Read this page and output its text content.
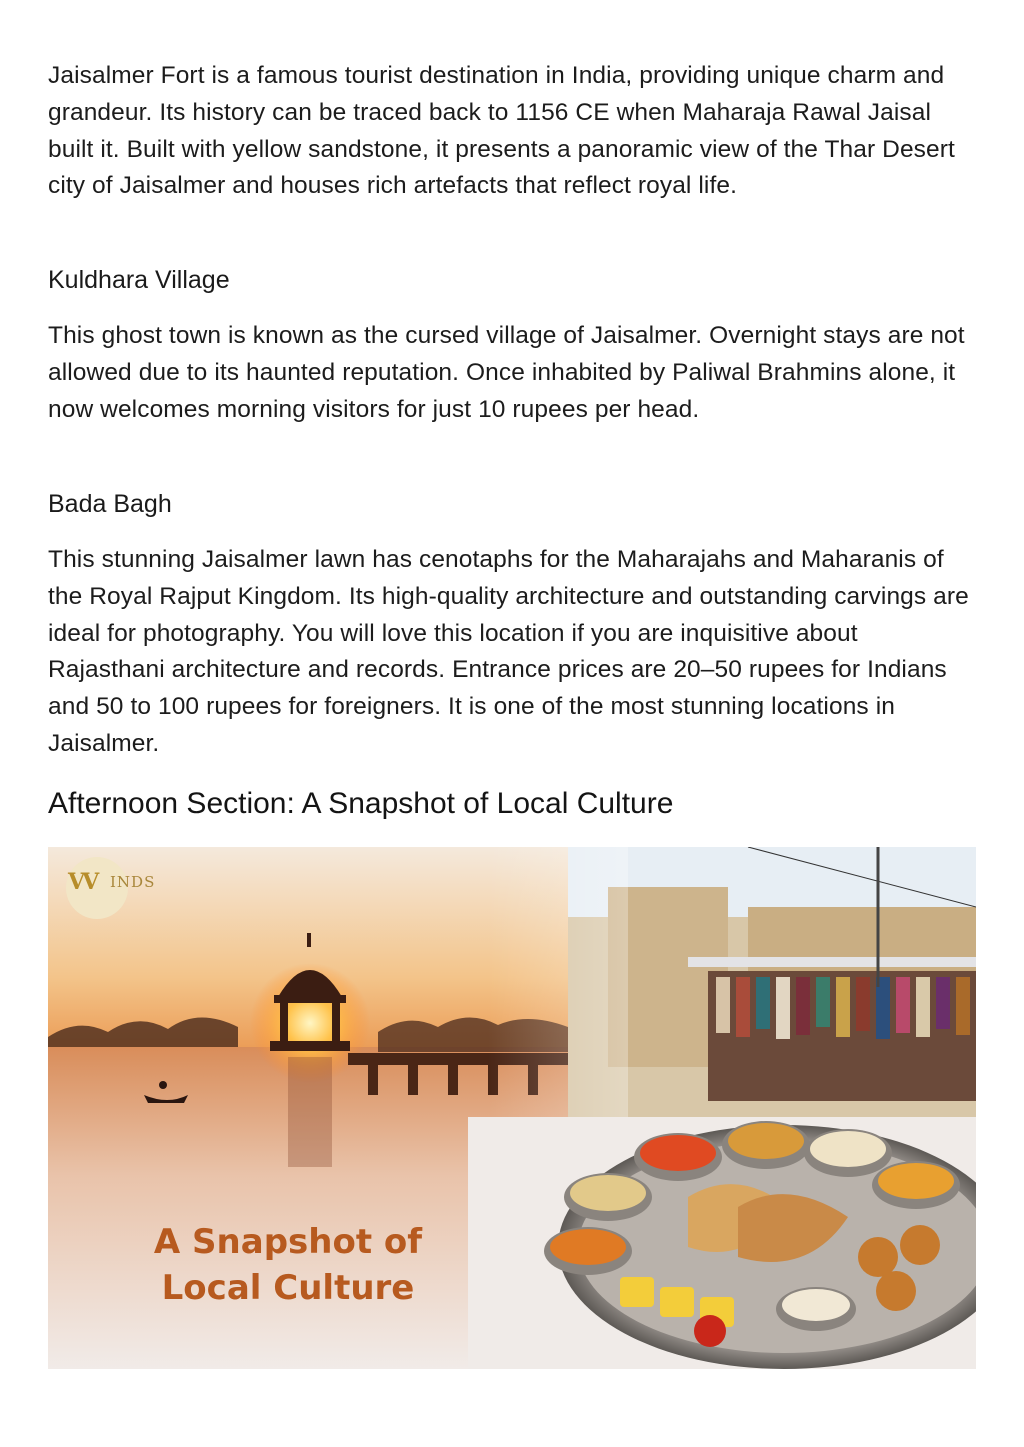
Jaisalmer Fort is a famous tourist destination in India, providing unique charm and grandeur. Its history can be traced back to 1156 CE when Maharaja Rawal Jaisal built it. Built with yellow sandstone, it presents a panoramic view of the Thar Desert city of Jaisalmer and houses rich artefacts that reflect royal life.

Kuldhara Village

This ghost town is known as the cursed village of Jaisalmer. Overnight stays are not allowed due to its haunted reputation. Once inhabited by Paliwal Brahmins alone, it now welcomes morning visitors for just 10 rupees per head.

Bada Bagh

This stunning Jaisalmer lawn has cenotaphs for the Maharajahs and Maharanis of the Royal Rajput Kingdom. Its high-quality architecture and outstanding carvings are ideal for photography. You will love this location if you are inquisitive about Rajasthani architecture and records. Entrance prices are 20–50 rupees for Indians and 50 to 100 rupees for foreigners. It is one of the most stunning locations in Jaisalmer.

Afternoon Section: A Snapshot of Local Culture
VV INDS
A Snapshot of
Local Culture
